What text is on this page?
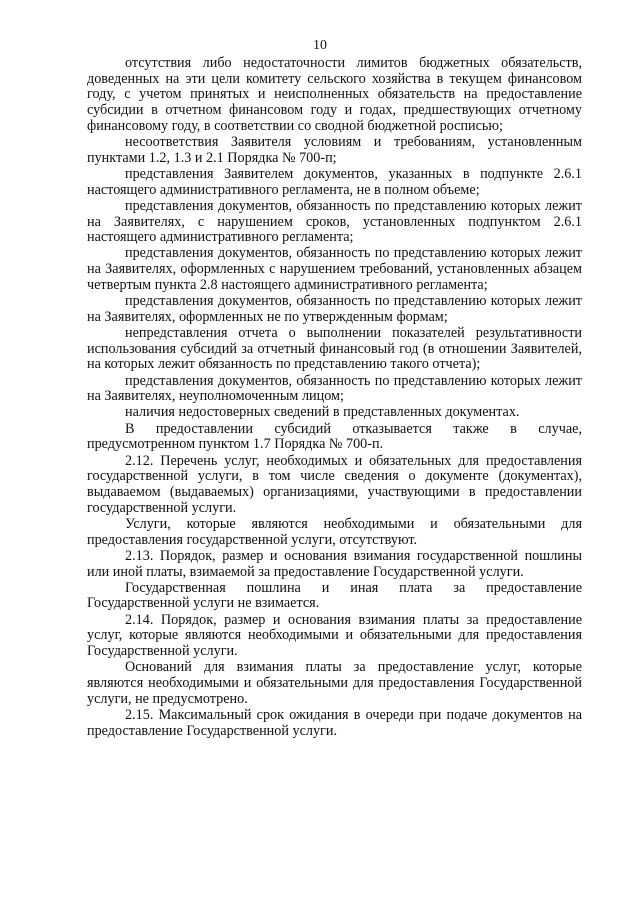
10

отсутствия либо недостаточности лимитов бюджетных обязательств, доведенных на эти цели комитету сельского хозяйства в текущем финансовом году, с учетом принятых и неисполненных обязательств на предоставление субсидии в отчетном финансовом году и годах, предшествующих отчетному финансовому году, в соответствии со сводной бюджетной росписью;

несоответствия Заявителя условиям и требованиям, установленным пунктами 1.2, 1.3 и 2.1 Порядка № 700-п;

представления Заявителем документов, указанных в подпункте 2.6.1 настоящего административного регламента, не в полном объеме;

представления документов, обязанность по представлению которых лежит на Заявителях, с нарушением сроков, установленных подпунктом 2.6.1 настоящего административного регламента;

представления документов, обязанность по представлению которых лежит на Заявителях, оформленных с нарушением требований, установленных абзацем четвертым пункта 2.8 настоящего административного регламента;

представления документов, обязанность по представлению которых лежит на Заявителях, оформленных не по утвержденным формам;

непредставления отчета о выполнении показателей результативности использования субсидий за отчетный финансовый год (в отношении Заявителей, на которых лежит обязанность по представлению такого отчета);

представления документов, обязанность по представлению которых лежит на Заявителях, неуполномоченным лицом;

наличия недостоверных сведений в представленных документах.

В предоставлении субсидий отказывается также в случае, предусмотренном пунктом 1.7 Порядка № 700-п.

2.12. Перечень услуг, необходимых и обязательных для предоставления государственной услуги, в том числе сведения о документе (документах), выдаваемом (выдаваемых) организациями, участвующими в предоставлении государственной услуги.

Услуги, которые являются необходимыми и обязательными для предоставления государственной услуги, отсутствуют.

2.13. Порядок, размер и основания взимания государственной пошлины или иной платы, взимаемой за предоставление Государственной услуги.

Государственная пошлина и иная плата за предоставление Государственной услуги не взимается.

2.14. Порядок, размер и основания взимания платы за предоставление услуг, которые являются необходимыми и обязательными для предоставления Государственной услуги.

Оснований для взимания платы за предоставление услуг, которые являются необходимыми и обязательными для предоставления Государственной услуги, не предусмотрено.

2.15. Максимальный срок ожидания в очереди при подаче документов на предоставление Государственной услуги.
